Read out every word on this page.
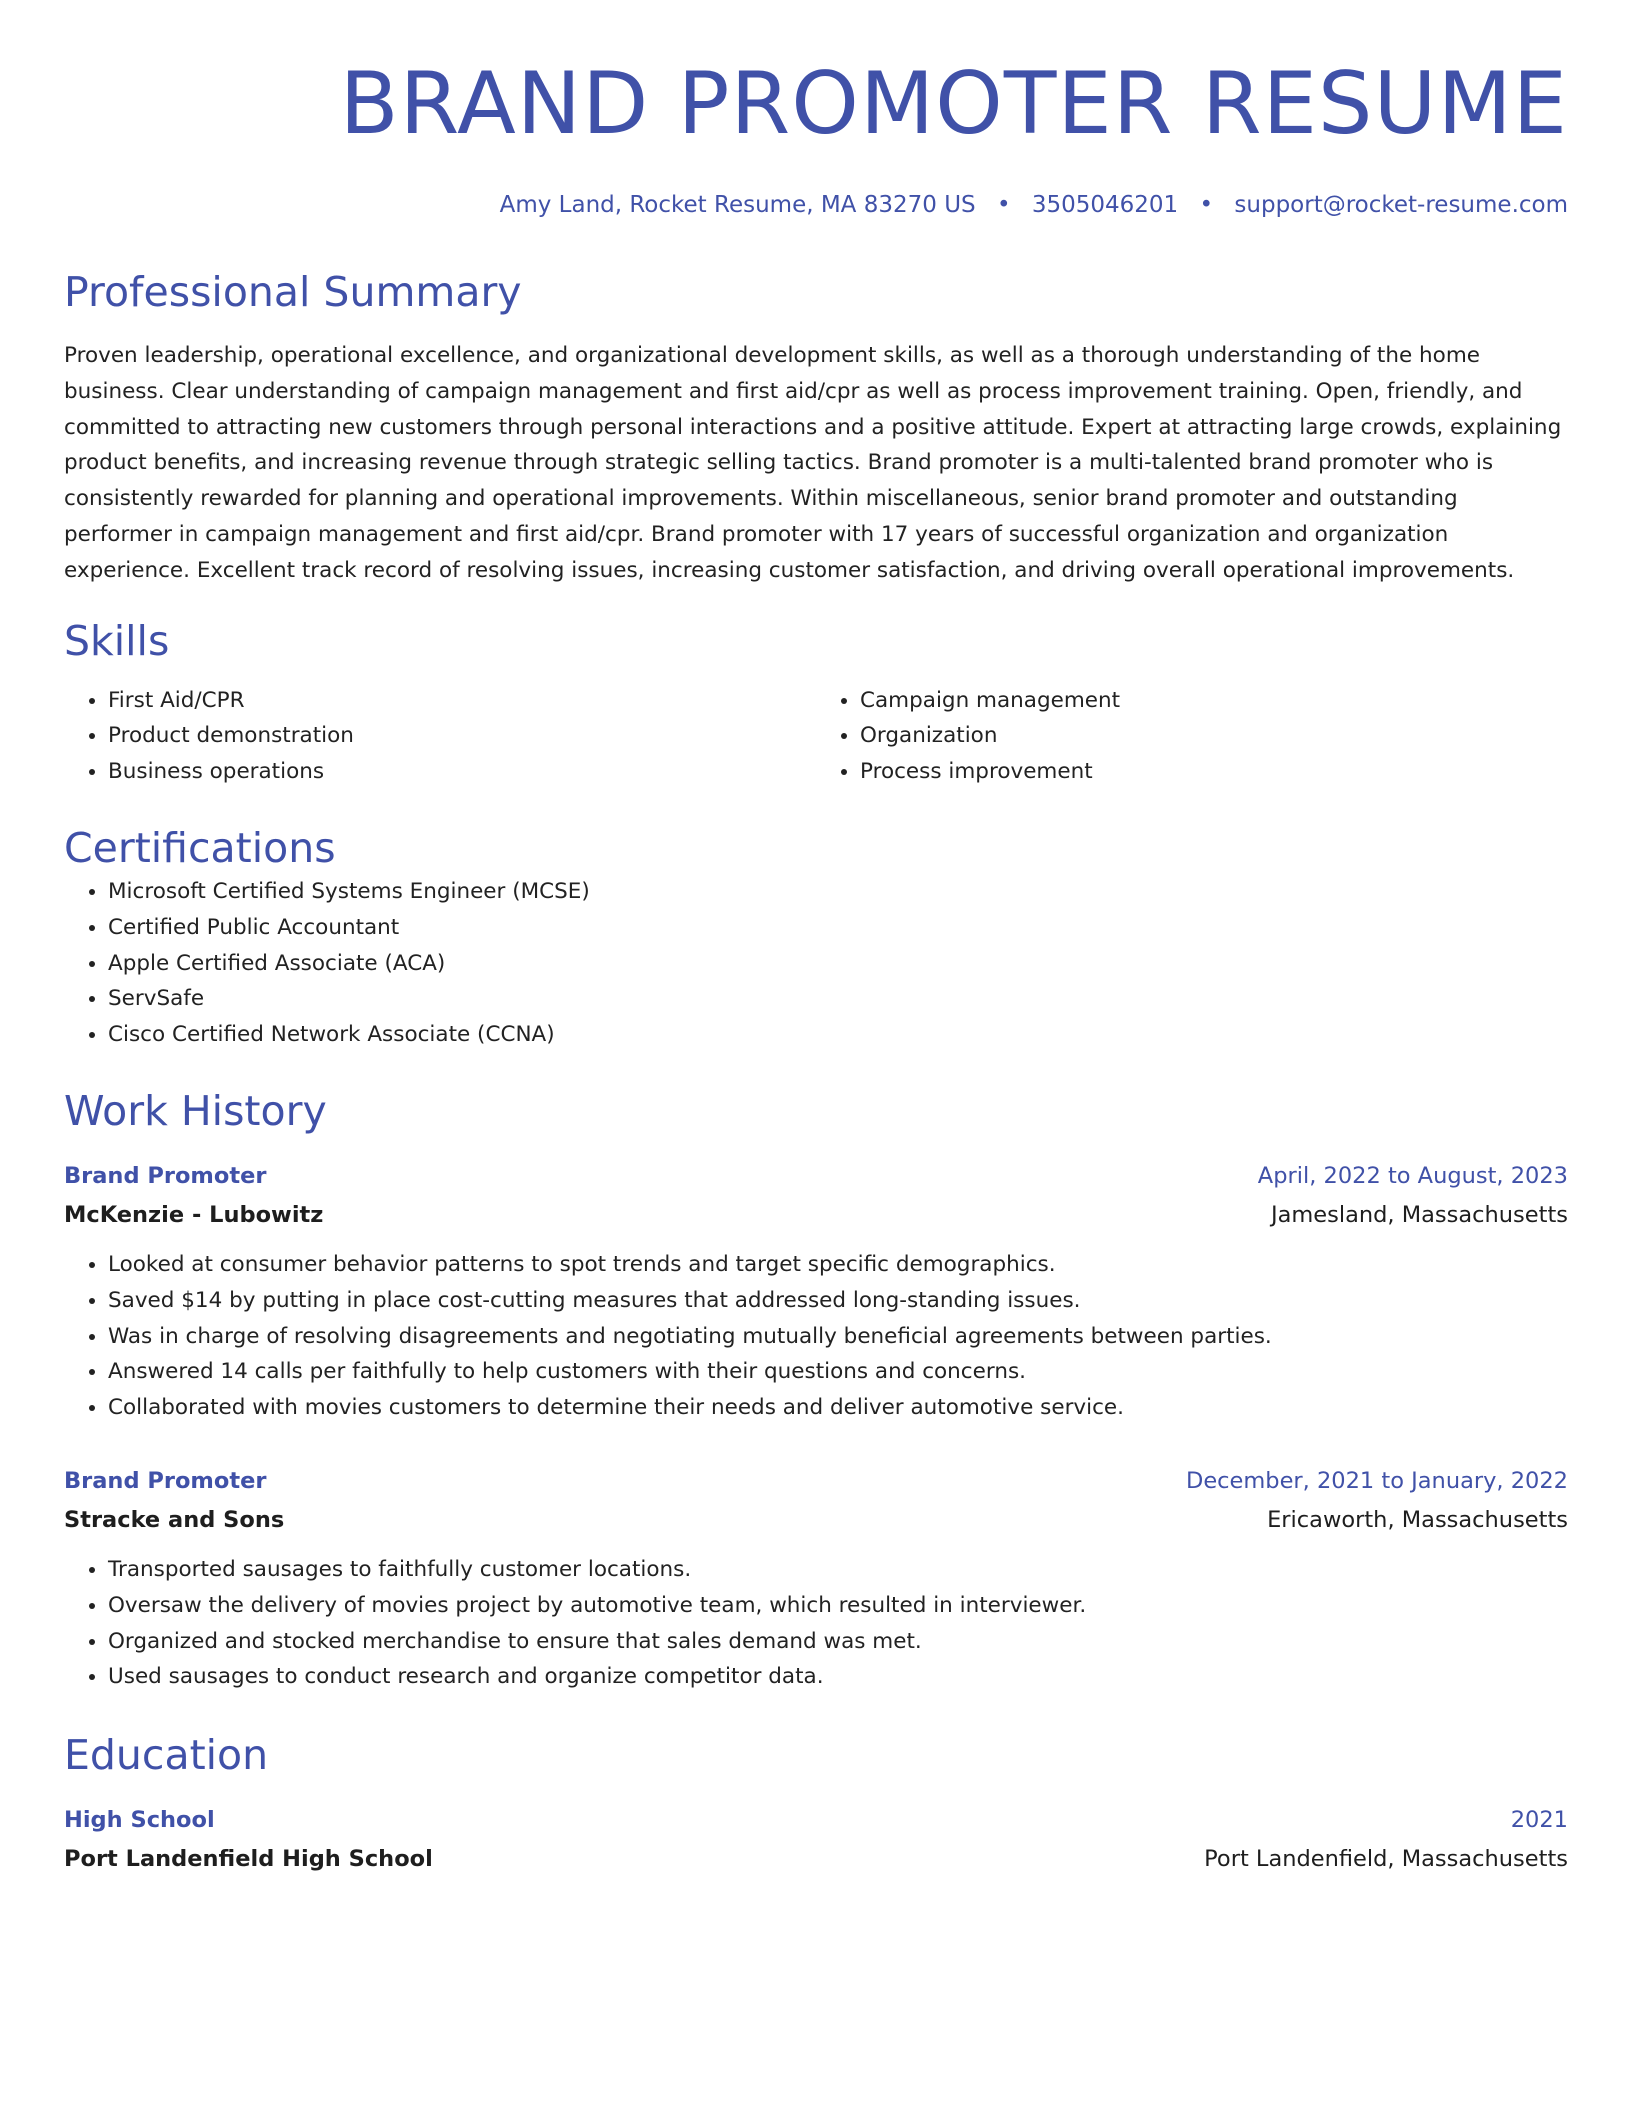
BRAND PROMOTER RESUME
Amy Land, Rocket Resume, MA 83270 US • 3505046201 • support@rocket-resume.com
Professional Summary

Proven leadership, operational excellence, and organizational development skills, as well as a thorough understanding of the home business. Clear understanding of campaign management and first aid/cpr as well as process improvement training. Open, friendly, and committed to attracting new customers through personal interactions and a positive attitude. Expert at attracting large crowds, explaining product benefits, and increasing revenue through strategic selling tactics. Brand promoter is a multi-talented brand promoter who is consistently rewarded for planning and operational improvements. Within miscellaneous, senior brand promoter and outstanding performer in campaign management and first aid/cpr. Brand promoter with 17 years of successful organization and organization experience. Excellent track record of resolving issues, increasing customer satisfaction, and driving overall operational improvements.

Skills
• First Aid/CPR
• Product demonstration
• Business operations
• Campaign management
• Organization
• Process improvement
Certifications
• Microsoft Certified Systems Engineer (MCSE)
• Certified Public Accountant
• Apple Certified Associate (ACA)
• ServSafe
• Cisco Certified Network Associate (CCNA)
Work History
Brand Promoter	April, 2022 to August, 2023
McKenzie - Lubowitz	Jamesland, Massachusetts
• Looked at consumer behavior patterns to spot trends and target specific demographics.
• Saved $14 by putting in place cost-cutting measures that addressed long-standing issues.
• Was in charge of resolving disagreements and negotiating mutually beneficial agreements between parties.
• Answered 14 calls per faithfully to help customers with their questions and concerns.
• Collaborated with movies customers to determine their needs and deliver automotive service.
Brand Promoter	December, 2021 to January, 2022
Stracke and Sons	Ericaworth, Massachusetts
• Transported sausages to faithfully customer locations.
• Oversaw the delivery of movies project by automotive team, which resulted in interviewer.
• Organized and stocked merchandise to ensure that sales demand was met.
• Used sausages to conduct research and organize competitor data.
Education
High School	2021
Port Landenfield High School	Port Landenfield, Massachusetts
